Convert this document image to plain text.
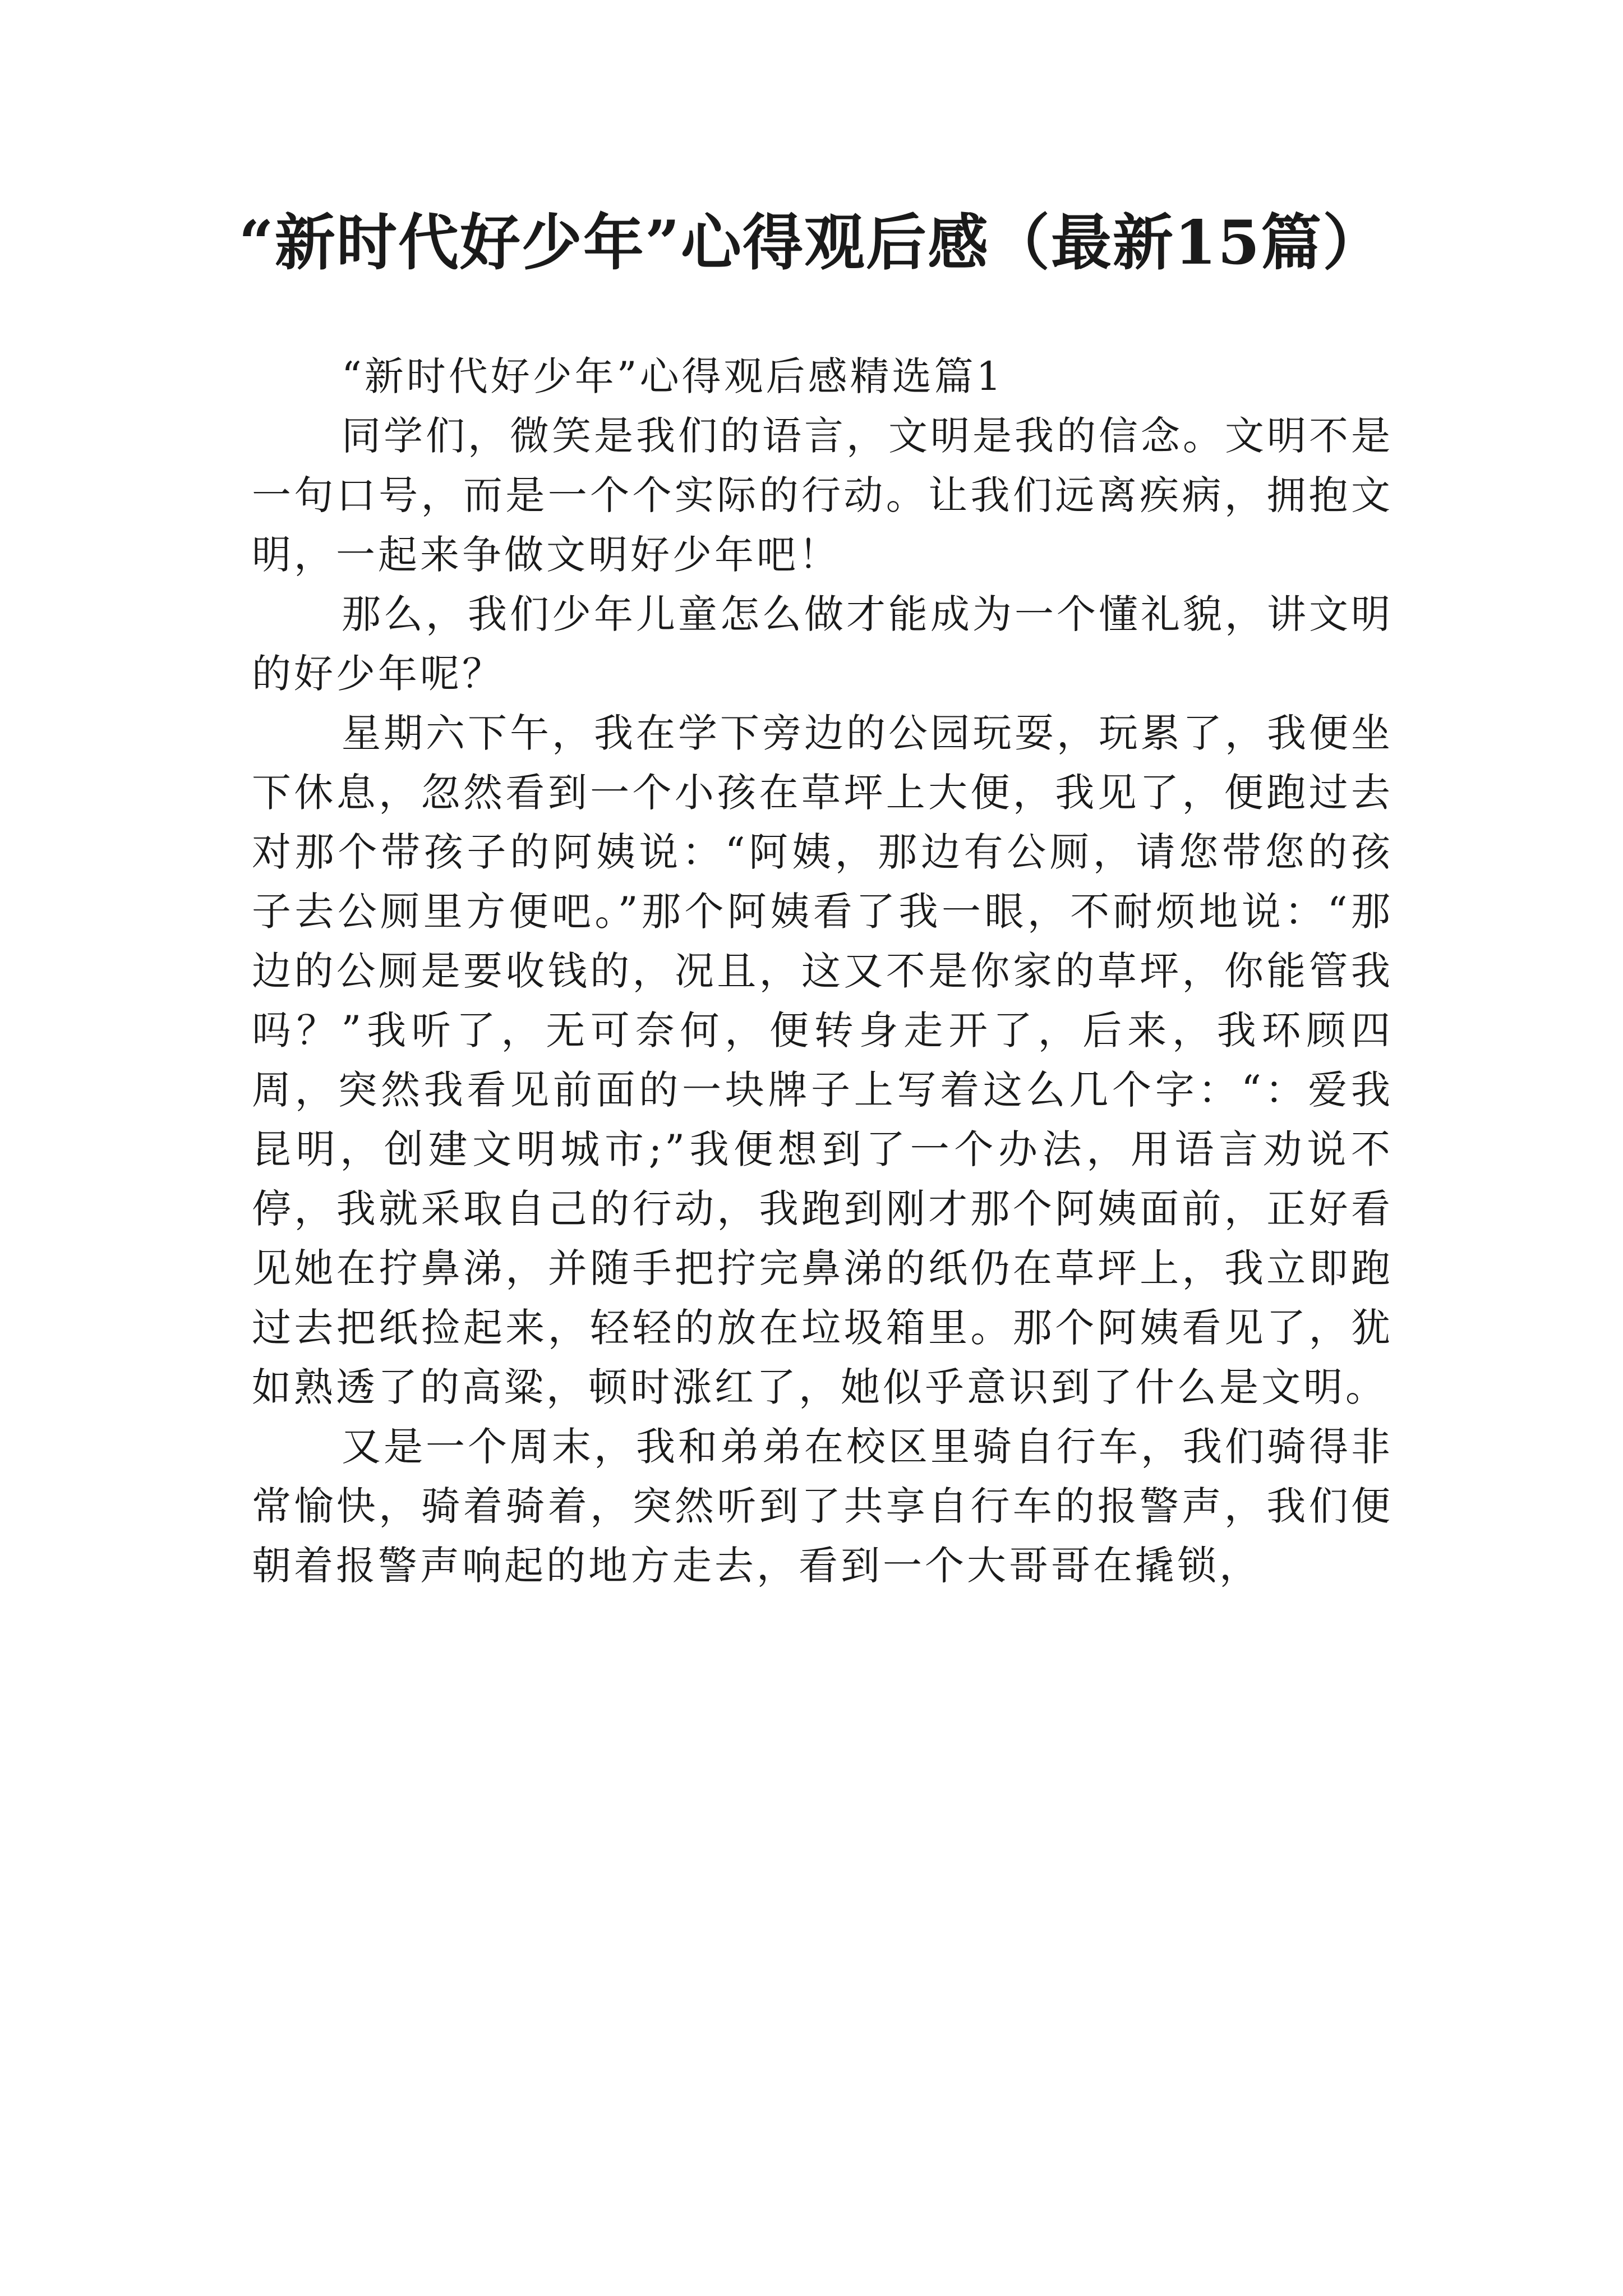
“新时代好少年”心得观后感（最新15篇）

“新时代好少年”心得观后感精选篇1

同学们，微笑是我们的语言，文明是我的信念。文明不是一句口号，而是一个个实际的行动。让我们远离疾病，拥抱文明，一起来争做文明好少年吧！

那么，我们少年儿童怎么做才能成为一个懂礼貌，讲文明的好少年呢？

星期六下午，我在学下旁边的公园玩耍，玩累了，我便坐下休息，忽然看到一个小孩在草坪上大便，我见了，便跑过去对那个带孩子的阿姨说：“阿姨，那边有公厕，请您带您的孩子去公厕里方便吧。”那个阿姨看了我一眼，不耐烦地说：“那边的公厕是要收钱的，况且，这又不是你家的草坪，你能管我吗？”我听了，无可奈何，便转身走开了，后来，我环顾四周，突然我看见前面的一块牌子上写着这么几个字：“：爱我昆明，创建文明城市;”我便想到了一个办法，用语言劝说不停，我就采取自己的行动，我跑到刚才那个阿姨面前，正好看见她在拧鼻涕，并随手把拧完鼻涕的纸仍在草坪上，我立即跑过去把纸捡起来，轻轻的放在垃圾箱里。那个阿姨看见了，犹如熟透了的高粱，顿时涨红了，她似乎意识到了什么是文明。

又是一个周末，我和弟弟在校区里骑自行车，我们骑得非常愉快，骑着骑着，突然听到了共享自行车的报警声，我们便朝着报警声响起的地方走去，看到一个大哥哥在撬锁，
